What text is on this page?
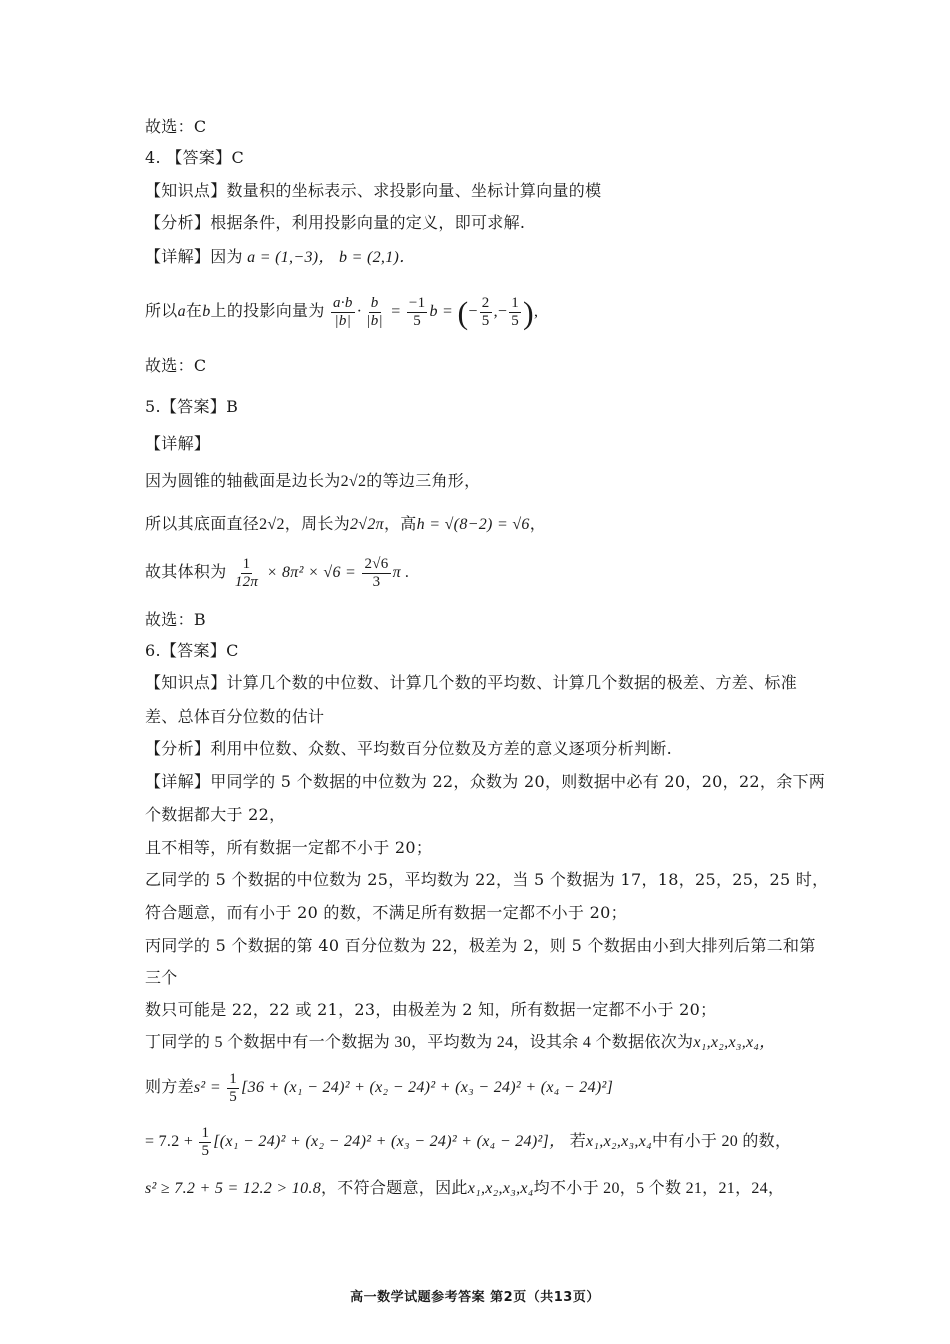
故选：C
4. 【答案】C
【知识点】数量积的坐标表示、求投影向量、坐标计算向量的模
【分析】根据条件，利用投影向量的定义，即可求解.
【详解】因为 a = (1,−3)， b = (2,1)．
所以a在b上的投影向量为 $\frac{a\cdot b}{|b|} \cdot \frac{b}{|b|} = \frac{-1}{5}$ b = (− $\frac{2}{5}$ ,− $\frac{1}{5}$ ),
故选：C
5.【答案】B
【详解】
因为圆锥的轴截面是边长为2√2的等边三角形，
所以其底面直径2√2，周长为2√2π，高h = √(8−2) = √6，
故其体积为 $\frac{1}{12\pi} \times 8\pi^2 \times √6 = \frac{2√6}{3}$ π .
故选：B
6.【答案】C
【知识点】计算几个数的中位数、计算几个数的平均数、计算几个数据的极差、方差、标准
差、总体百分位数的估计
【分析】利用中位数、众数、平均数百分位数及方差的意义逐项分析判断.
【详解】甲同学的 5 个数据的中位数为 22，众数为 20，则数据中必有 20，20，22，余下两
个数据都大于 22，
且不相等，所有数据一定都不小于 20；
乙同学的 5 个数据的中位数为 25，平均数为 22，当 5 个数据为 17，18，25，25，25 时，
符合题意，而有小于 20 的数，不满足所有数据一定都不小于 20；
丙同学的 5 个数据的第 40 百分位数为 22，极差为 2，则 5 个数据由小到大排列后第二和第
三个
数只可能是 22，22 或 21，23，由极差为 2 知，所有数据一定都不小于 20；
丁同学的 5 个数据中有一个数据为 30，平均数为 24，设其余 4 个数据依次为x₁,x₂,x₃,x₄，
则方差$s^2 = \frac{1}{5} [36 + (x_1 - 24)^2 + (x_2 - 24)^2 + (x_3 - 24)^2 + (x_4 - 24)^2]$
= $7.2 + \frac{1}{5} [(x_1 - 24)^2 + (x_2 - 24)^2 + (x_3 - 24)^2 + (x_4 - 24)^2]$， 若x₁,x₂,x₃,x₄中有小于 20 的数，
s² ≥ 7.2 + 5 = 12.2 > 10.8，不符合题意，因此x₁,x₂,x₃,x₄均不小于 20，5 个数 21，21，24，
高一数学试题参考答案 第2页（共13页）
